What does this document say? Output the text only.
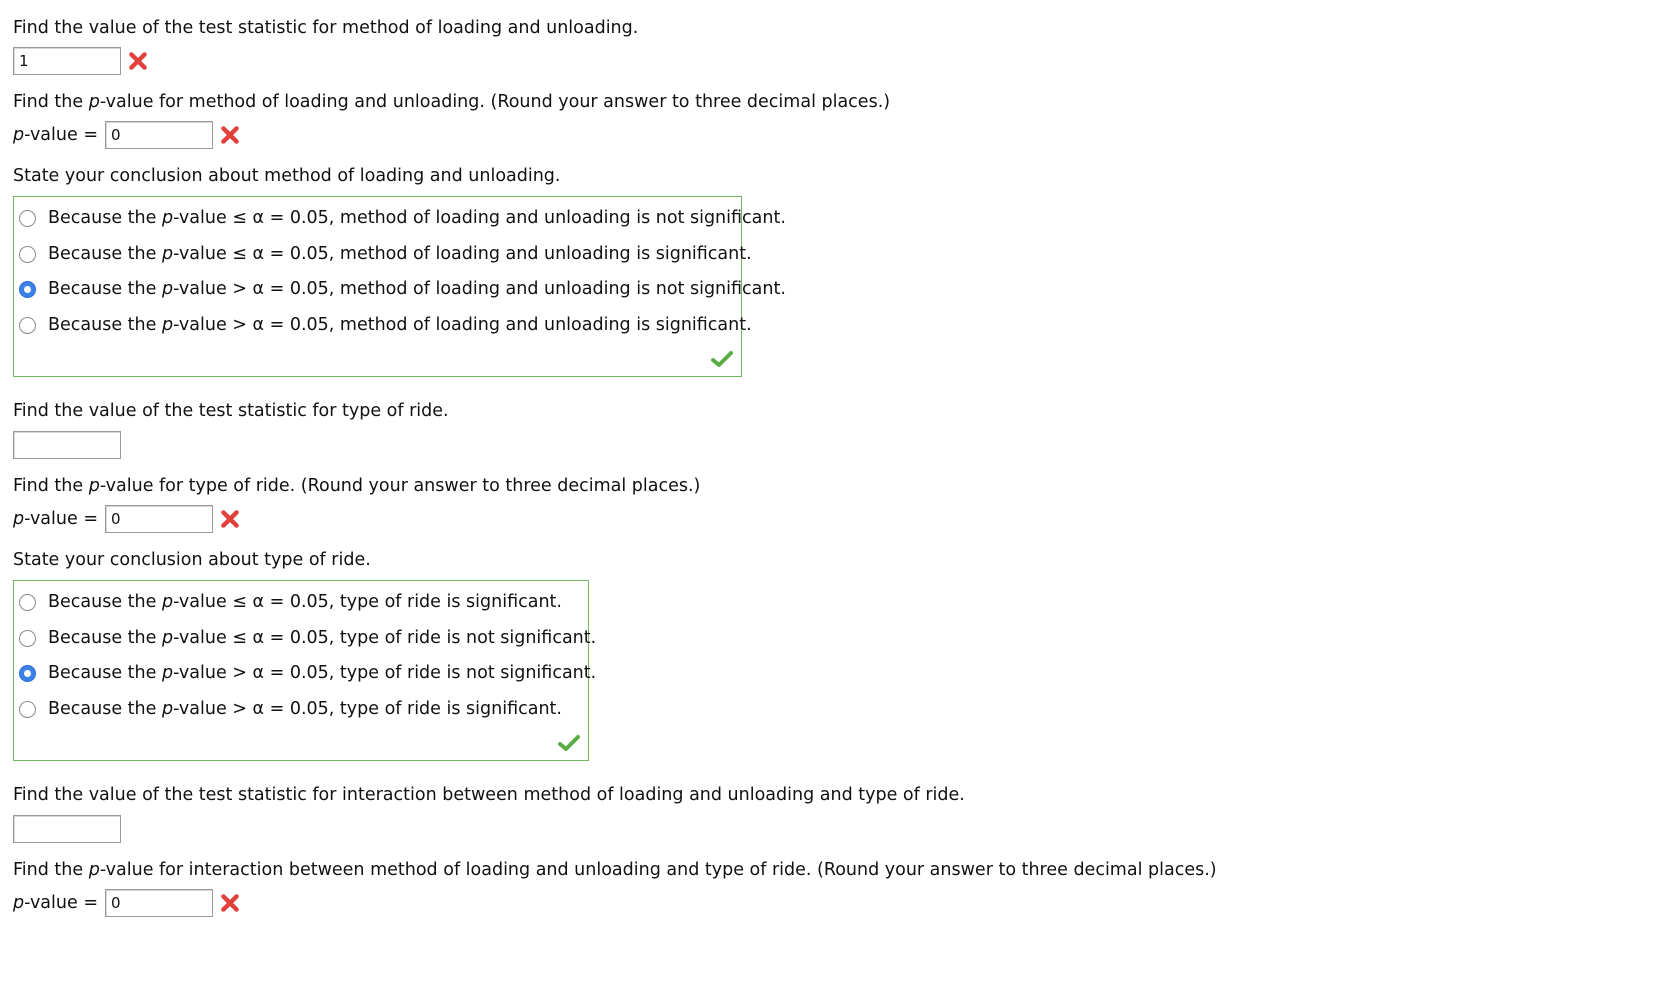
Find the value of the test statistic for method of loading and unloading.
1
Find the p-value for method of loading and unloading. (Round your answer to three decimal places.)
p-value =
0
State your conclusion about method of loading and unloading.
Because the p-value ≤ α = 0.05, method of loading and unloading is not significant.
Because the p-value ≤ α = 0.05, method of loading and unloading is significant.
Because the p-value > α = 0.05, method of loading and unloading is not significant.
Because the p-value > α = 0.05, method of loading and unloading is significant.
Find the value of the test statistic for type of ride.
Find the p-value for type of ride. (Round your answer to three decimal places.)
p-value =
0
State your conclusion about type of ride.
Because the p-value ≤ α = 0.05, type of ride is significant.
Because the p-value ≤ α = 0.05, type of ride is not significant.
Because the p-value > α = 0.05, type of ride is not significant.
Because the p-value > α = 0.05, type of ride is significant.
Find the value of the test statistic for interaction between method of loading and unloading and type of ride.
Find the p-value for interaction between method of loading and unloading and type of ride. (Round your answer to three decimal places.)
p-value =
0
